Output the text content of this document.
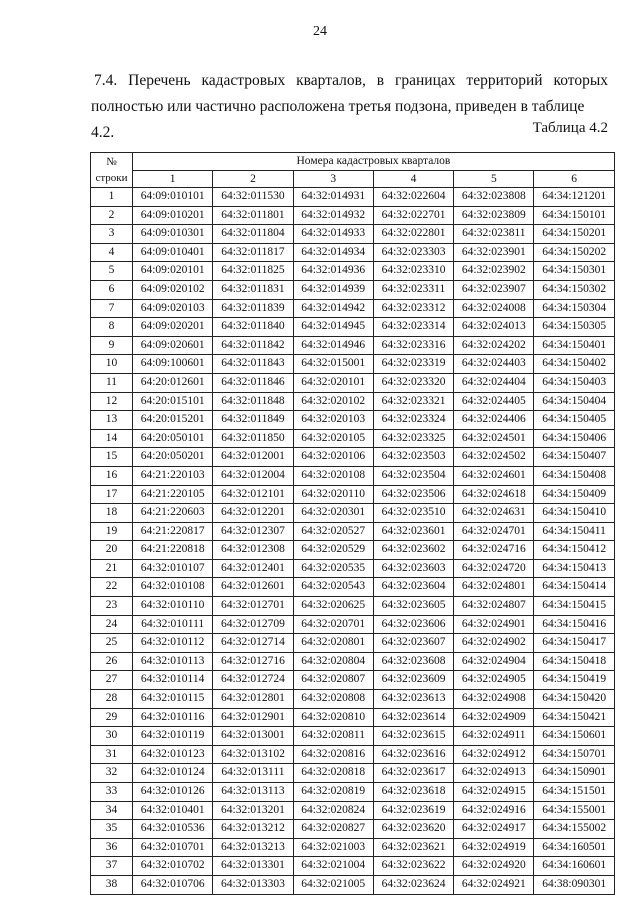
24
7.4. Перечень кадастровых кварталов, в границах территорий которых
полностью или частично расположена третья подзона, приведен в таблице 4.2.	Таблица 4.2
№
строки	Номера кадастровых кварталов					
	1	2	3	4	5	6
1	64:09:010101	64:32:011530	64:32:014931	64:32:022604	64:32:023808	64:34:121201
2	64:09:010201	64:32:011801	64:32:014932	64:32:022701	64:32:023809	64:34:150101
3	64:09:010301	64:32:011804	64:32:014933	64:32:022801	64:32:023811	64:34:150201
4	64:09:010401	64:32:011817	64:32:014934	64:32:023303	64:32:023901	64:34:150202
5	64:09:020101	64:32:011825	64:32:014936	64:32:023310	64:32:023902	64:34:150301
6	64:09:020102	64:32:011831	64:32:014939	64:32:023311	64:32:023907	64:34:150302
7	64:09:020103	64:32:011839	64:32:014942	64:32:023312	64:32:024008	64:34:150304
8	64:09:020201	64:32:011840	64:32:014945	64:32:023314	64:32:024013	64:34:150305
9	64:09:020601	64:32:011842	64:32:014946	64:32:023316	64:32:024202	64:34:150401
10	64:09:100601	64:32:011843	64:32:015001	64:32:023319	64:32:024403	64:34:150402
11	64:20:012601	64:32:011846	64:32:020101	64:32:023320	64:32:024404	64:34:150403
12	64:20:015101	64:32:011848	64:32:020102	64:32:023321	64:32:024405	64:34:150404
13	64:20:015201	64:32:011849	64:32:020103	64:32:023324	64:32:024406	64:34:150405
14	64:20:050101	64:32:011850	64:32:020105	64:32:023325	64:32:024501	64:34:150406
15	64:20:050201	64:32:012001	64:32:020106	64:32:023503	64:32:024502	64:34:150407
16	64:21:220103	64:32:012004	64:32:020108	64:32:023504	64:32:024601	64:34:150408
17	64:21:220105	64:32:012101	64:32:020110	64:32:023506	64:32:024618	64:34:150409
18	64:21:220603	64:32:012201	64:32:020301	64:32:023510	64:32:024631	64:34:150410
19	64:21:220817	64:32:012307	64:32:020527	64:32:023601	64:32:024701	64:34:150411
20	64:21:220818	64:32:012308	64:32:020529	64:32:023602	64:32:024716	64:34:150412
21	64:32:010107	64:32:012401	64:32:020535	64:32:023603	64:32:024720	64:34:150413
22	64:32:010108	64:32:012601	64:32:020543	64:32:023604	64:32:024801	64:34:150414
23	64:32:010110	64:32:012701	64:32:020625	64:32:023605	64:32:024807	64:34:150415
24	64:32:010111	64:32:012709	64:32:020701	64:32:023606	64:32:024901	64:34:150416
25	64:32:010112	64:32:012714	64:32:020801	64:32:023607	64:32:024902	64:34:150417
26	64:32:010113	64:32:012716	64:32:020804	64:32:023608	64:32:024904	64:34:150418
27	64:32:010114	64:32:012724	64:32:020807	64:32:023609	64:32:024905	64:34:150419
28	64:32:010115	64:32:012801	64:32:020808	64:32:023613	64:32:024908	64:34:150420
29	64:32:010116	64:32:012901	64:32:020810	64:32:023614	64:32:024909	64:34:150421
30	64:32:010119	64:32:013001	64:32:020811	64:32:023615	64:32:024911	64:34:150601
31	64:32:010123	64:32:013102	64:32:020816	64:32:023616	64:32:024912	64:34:150701
32	64:32:010124	64:32:013111	64:32:020818	64:32:023617	64:32:024913	64:34:150901
33	64:32:010126	64:32:013113	64:32:020819	64:32:023618	64:32:024915	64:34:151501
34	64:32:010401	64:32:013201	64:32:020824	64:32:023619	64:32:024916	64:34:155001
35	64:32:010536	64:32:013212	64:32:020827	64:32:023620	64:32:024917	64:34:155002
36	64:32:010701	64:32:013213	64:32:021003	64:32:023621	64:32:024919	64:34:160501
37	64:32:010702	64:32:013301	64:32:021004	64:32:023622	64:32:024920	64:34:160601
38	64:32:010706	64:32:013303	64:32:021005	64:32:023624	64:32:024921	64:38:090301
